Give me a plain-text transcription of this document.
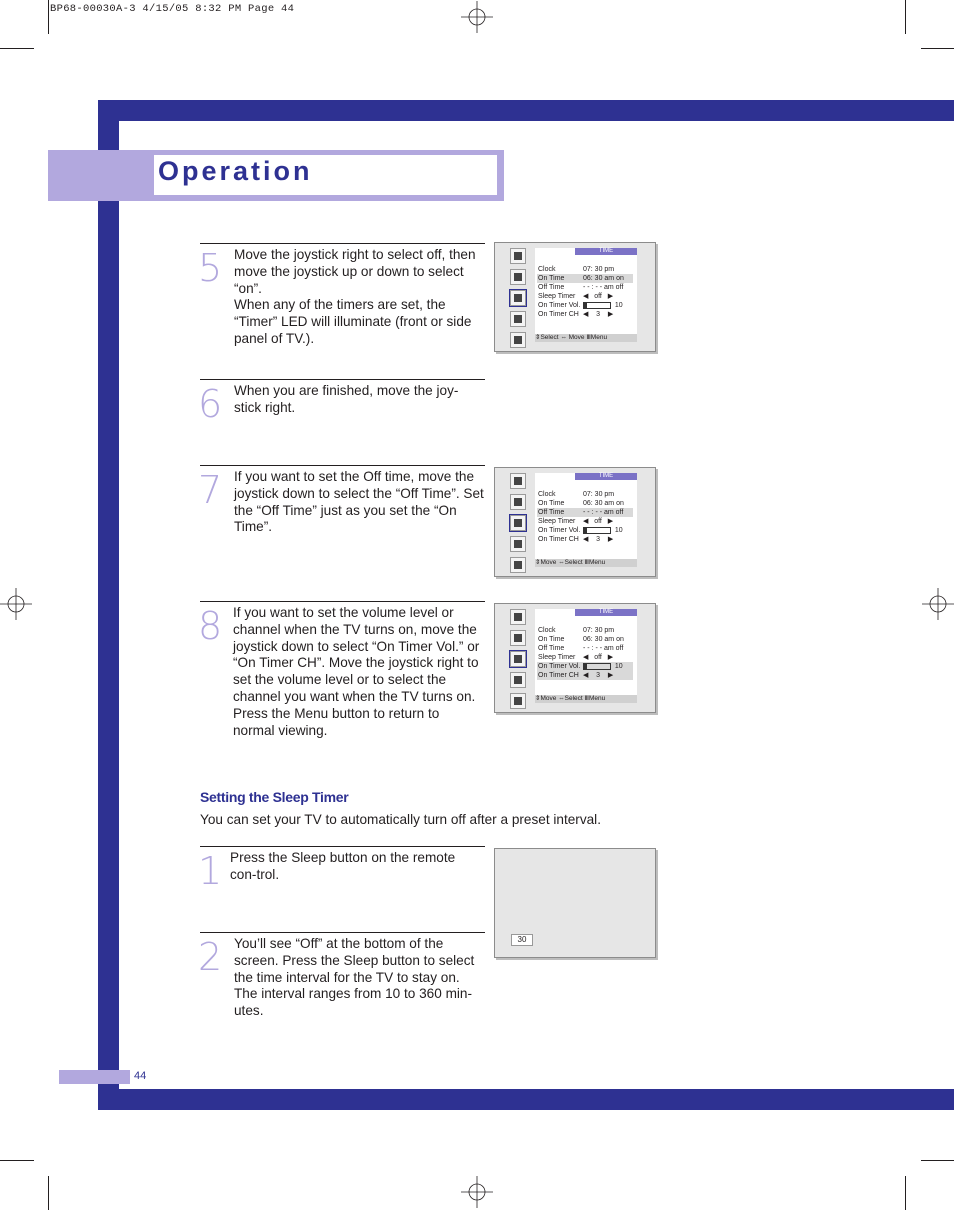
BP68-00030A-3 4/15/05 8:32 PM Page 44
Operation
44
5 Move the joystick right to select off, then move the joystick up or down to select “on”.
When any of the timers are set, the “Timer” LED will illuminate (front or side panel of TV.).
6 When you are finished, move the joy-stick right.
7 If you want to set the Off time, move the joystick down to select the “Off Time”. Set the “Off Time” just as you set the “On Time”.
8 If you want to set the volume level or channel when the TV turns on, move the joystick down to select “On Timer Vol.” or “On Timer CH”. Move the joystick right to set the volume level or to select the channel you want when the TV turns on. Press the Menu button to return to normal viewing.
Setting the Sleep Timer
You can set your TV to automatically turn off after a preset interval.
1 Press the Sleep button on the remote con-trol.
2 You’ll see “Off” at the bottom of the screen. Press the Sleep button to select the time interval for the TV to stay on. The interval ranges from 10 to 360 min-utes.
TIME
Clock	07: 30 pm
On Time	06: 30 am on
Off Time	- - : - - am off
Sleep Timer ◀   off   ▶
On Timer Vol.	10
On Timer CH ◀    3    ▶
⇕Select ⇔ Move ⅢMenu
TIME
Clock	07: 30 pm
On Time	06: 30 am on
Off Time	- - : - - am off
Sleep Timer ◀   off   ▶
On Timer Vol.	10
On Timer CH ◀    3    ▶
⇕Move ⇔Select ⅢMenu
TIME
Clock	07: 30 pm
On Time	06: 30 am on
Off Time	- - : - - am off
Sleep Timer ◀   off   ▶
On Timer Vol.	10
On Timer CH ◀    3    ▶
⇕Move ⇔Select ⅢMenu
30
